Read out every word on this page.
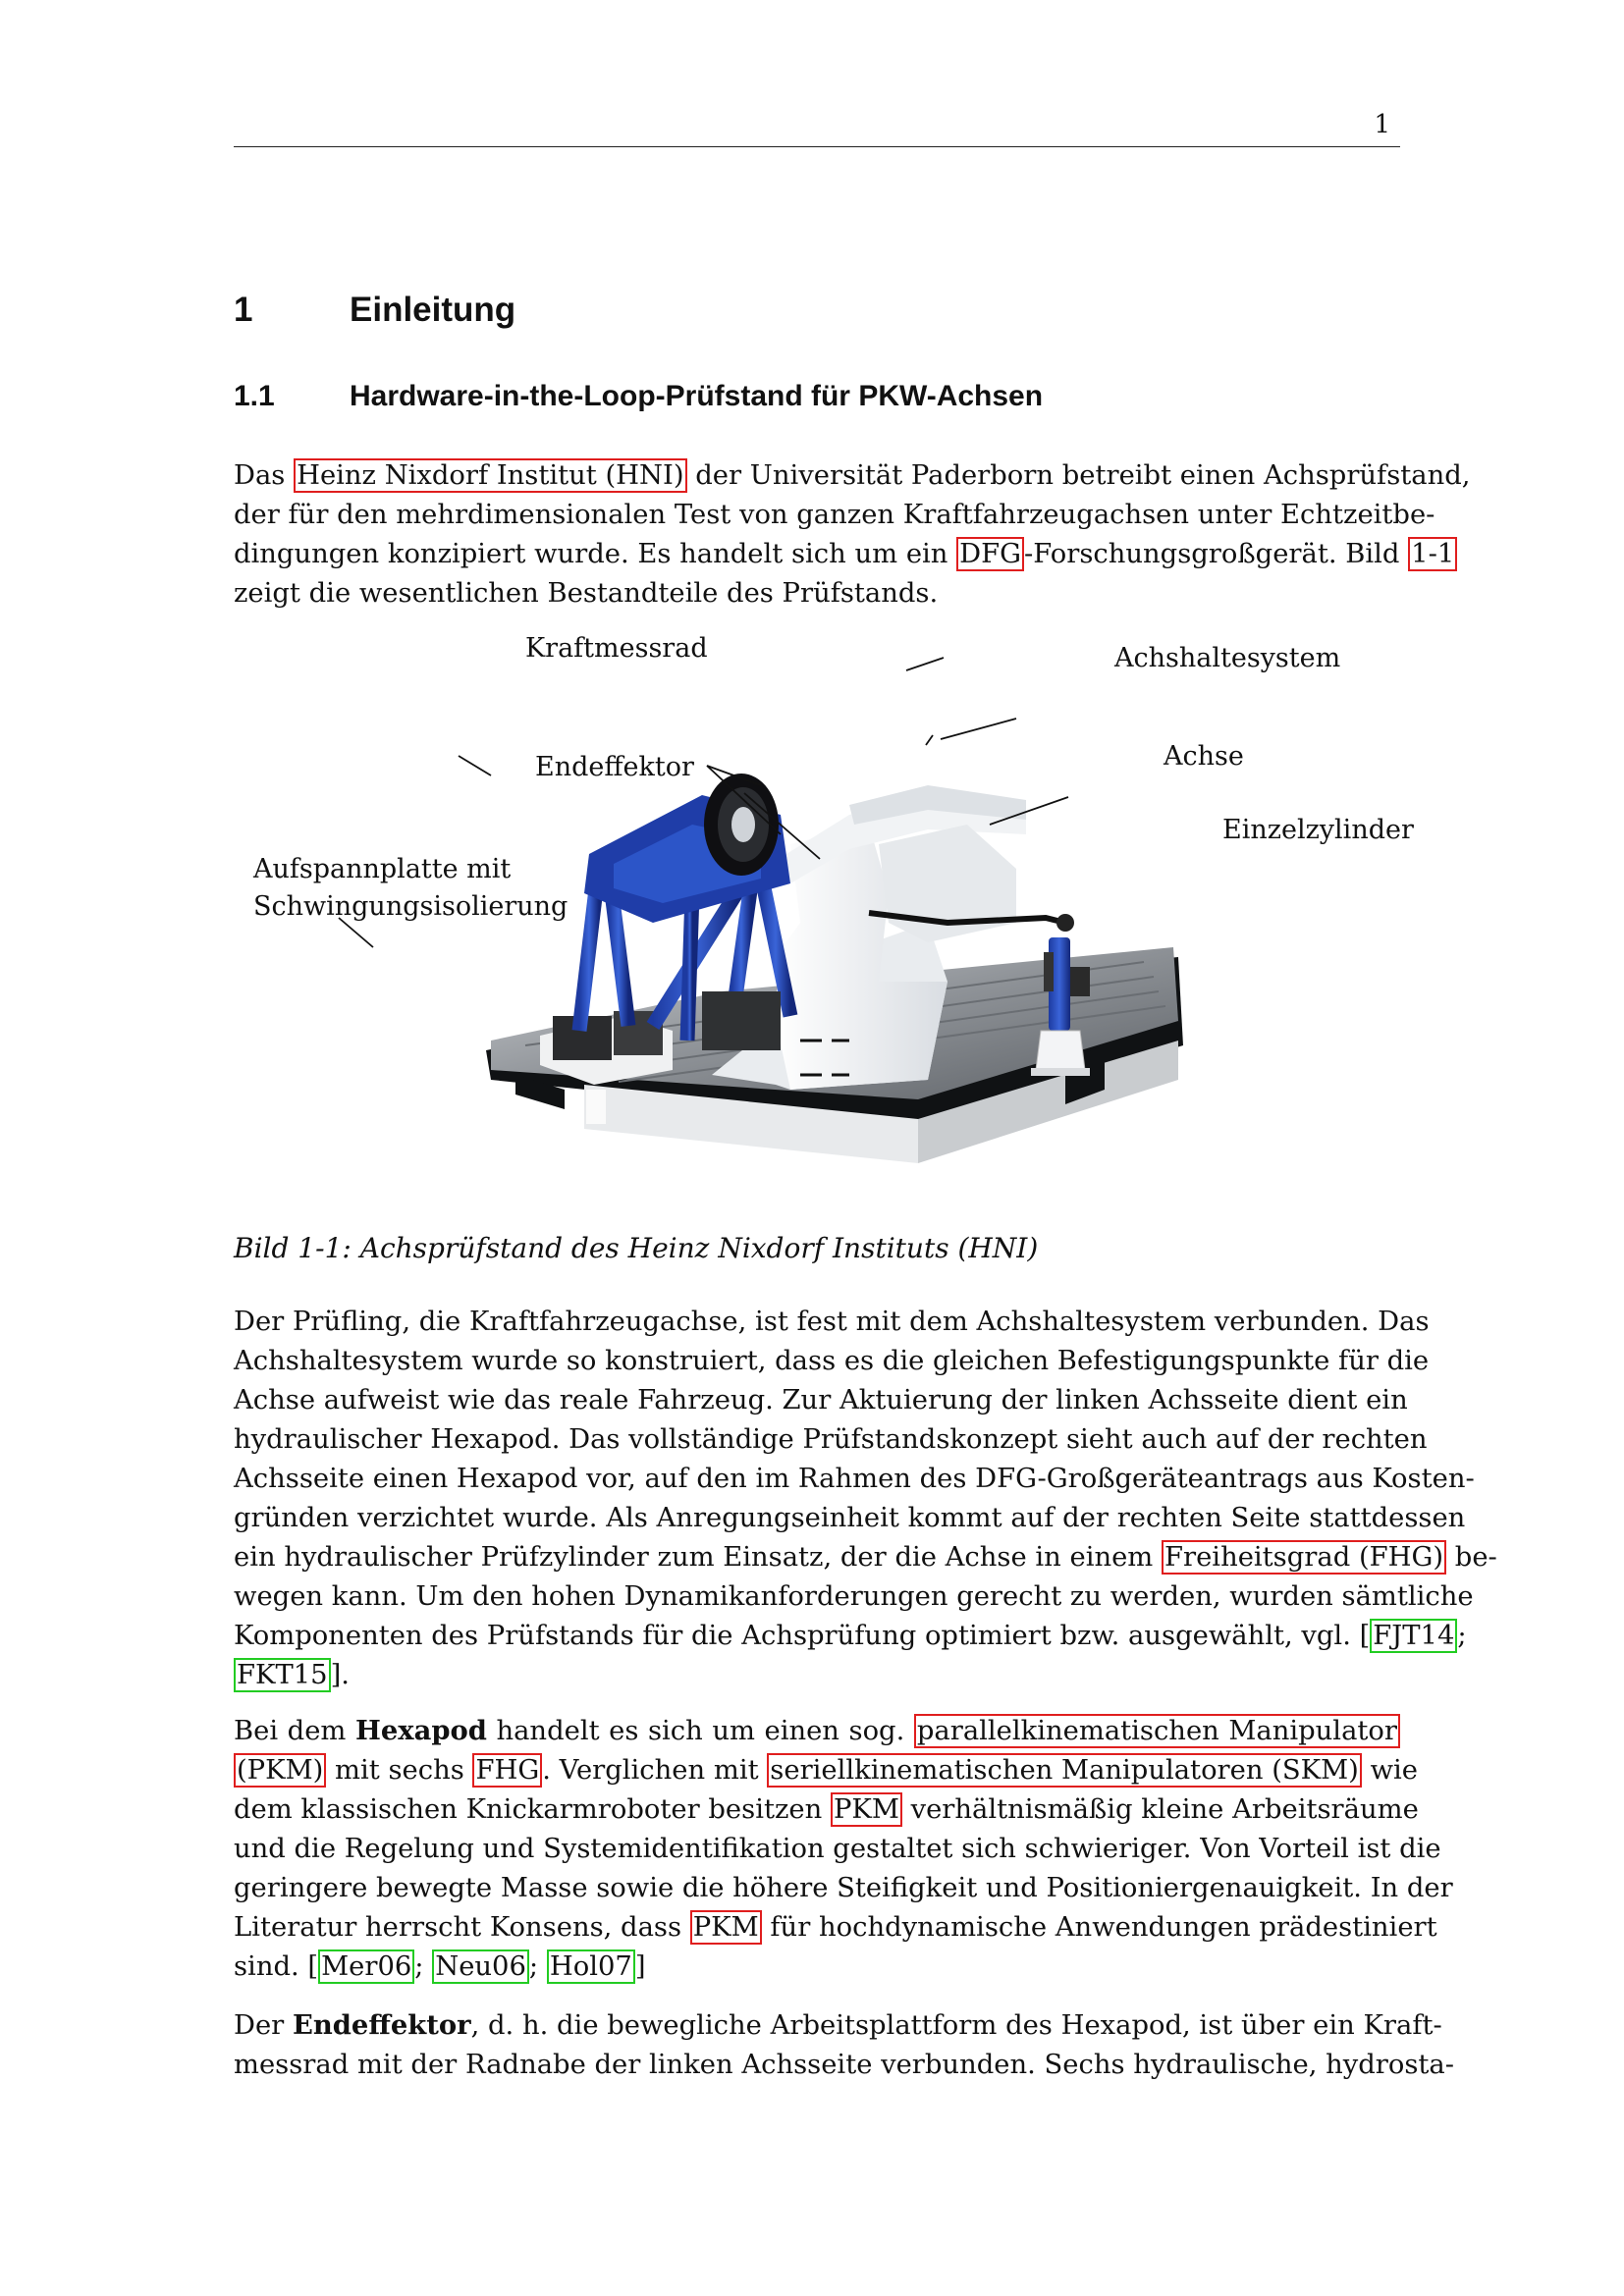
1
1	Einleitung
1.1	Hardware-in-the-Loop-Prüfstand für PKW-Achsen
Das Heinz Nixdorf Institut (HNI) der Universität Paderborn betreibt einen Achsprüfstand,
der für den mehrdimensionalen Test von ganzen Kraftfahrzeugachsen unter Echtzeitbe-
dingungen konzipiert wurde. Es handelt sich um ein DFG -Forschungsgroßgerät. Bild 1-1
zeigt die wesentlichen Bestandteile des Prüfstands.
Kraftmessrad	Achshaltesystem
Endeffektor	Achse
Einzelzylinder
Aufspannplatte mit
Schwingungsisolierung
Bild 1-1: Achsprüfstand des Heinz Nixdorf Instituts (HNI)
Der Prüfling, die Kraftfahrzeugachse, ist fest mit dem Achshaltesystem verbunden. Das
Achshaltesystem wurde so konstruiert, dass es die gleichen Befestigungspunkte für die
Achse aufweist wie das reale Fahrzeug. Zur Aktuierung der linken Achsseite dient ein
hydraulischer Hexapod. Das vollständige Prüfstandskonzept sieht auch auf der rechten
Achsseite einen Hexapod vor, auf den im Rahmen des DFG-Großgeräteantrags aus Kosten-
gründen verzichtet wurde. Als Anregungseinheit kommt auf der rechten Seite stattdessen
ein hydraulischer Prüfzylinder zum Einsatz, der die Achse in einem Freiheitsgrad (FHG) be-
wegen kann. Um den hohen Dynamikanforderungen gerecht zu werden, wurden sämtliche
Komponenten des Prüfstands für die Achsprüfung optimiert bzw. ausgewählt, vgl. [ FJT14 ;
FKT15 ].
Bei dem Hexapod handelt es sich um einen sog. parallelkinematischen Manipulator
(PKM) mit sechs FHG . Verglichen mit seriellkinematischen Manipulatoren (SKM) wie
dem klassischen Knickarmroboter besitzen PKM verhältnismäßig kleine Arbeitsräume
und die Regelung und Systemidentifikation gestaltet sich schwieriger. Von Vorteil ist die
geringere bewegte Masse sowie die höhere Steifigkeit und Positioniergenauigkeit. In der
Literatur herrscht Konsens, dass PKM für hochdynamische Anwendungen prädestiniert
sind. [ Mer06 ; Neu06 ; Hol07 ]
Der Endeffektor, d. h. die bewegliche Arbeitsplattform des Hexapod, ist über ein Kraft-
messrad mit der Radnabe der linken Achsseite verbunden. Sechs hydraulische, hydrosta-
